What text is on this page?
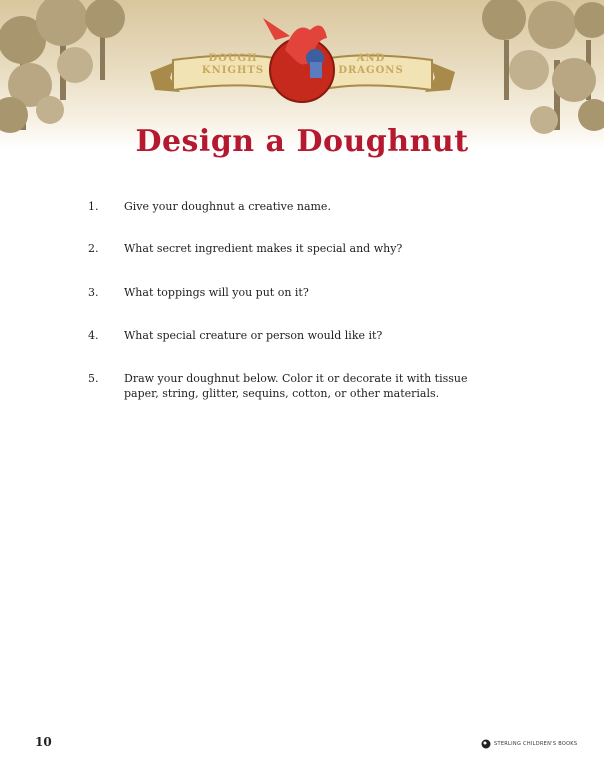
DOUGH
KNIGHTS
AND
DRAGONS
Design a Doughnut
1. Give your doughnut a creative name.
2. What secret ingredient makes it special and why?
3. What toppings will you put on it?
4. What special creature or person would like it?
5. Draw your doughnut below. Color it or decorate it with tissue paper, string, glitter, sequins, cotton, or other materials.
10	STERLING CHILDREN'S BOOKS
